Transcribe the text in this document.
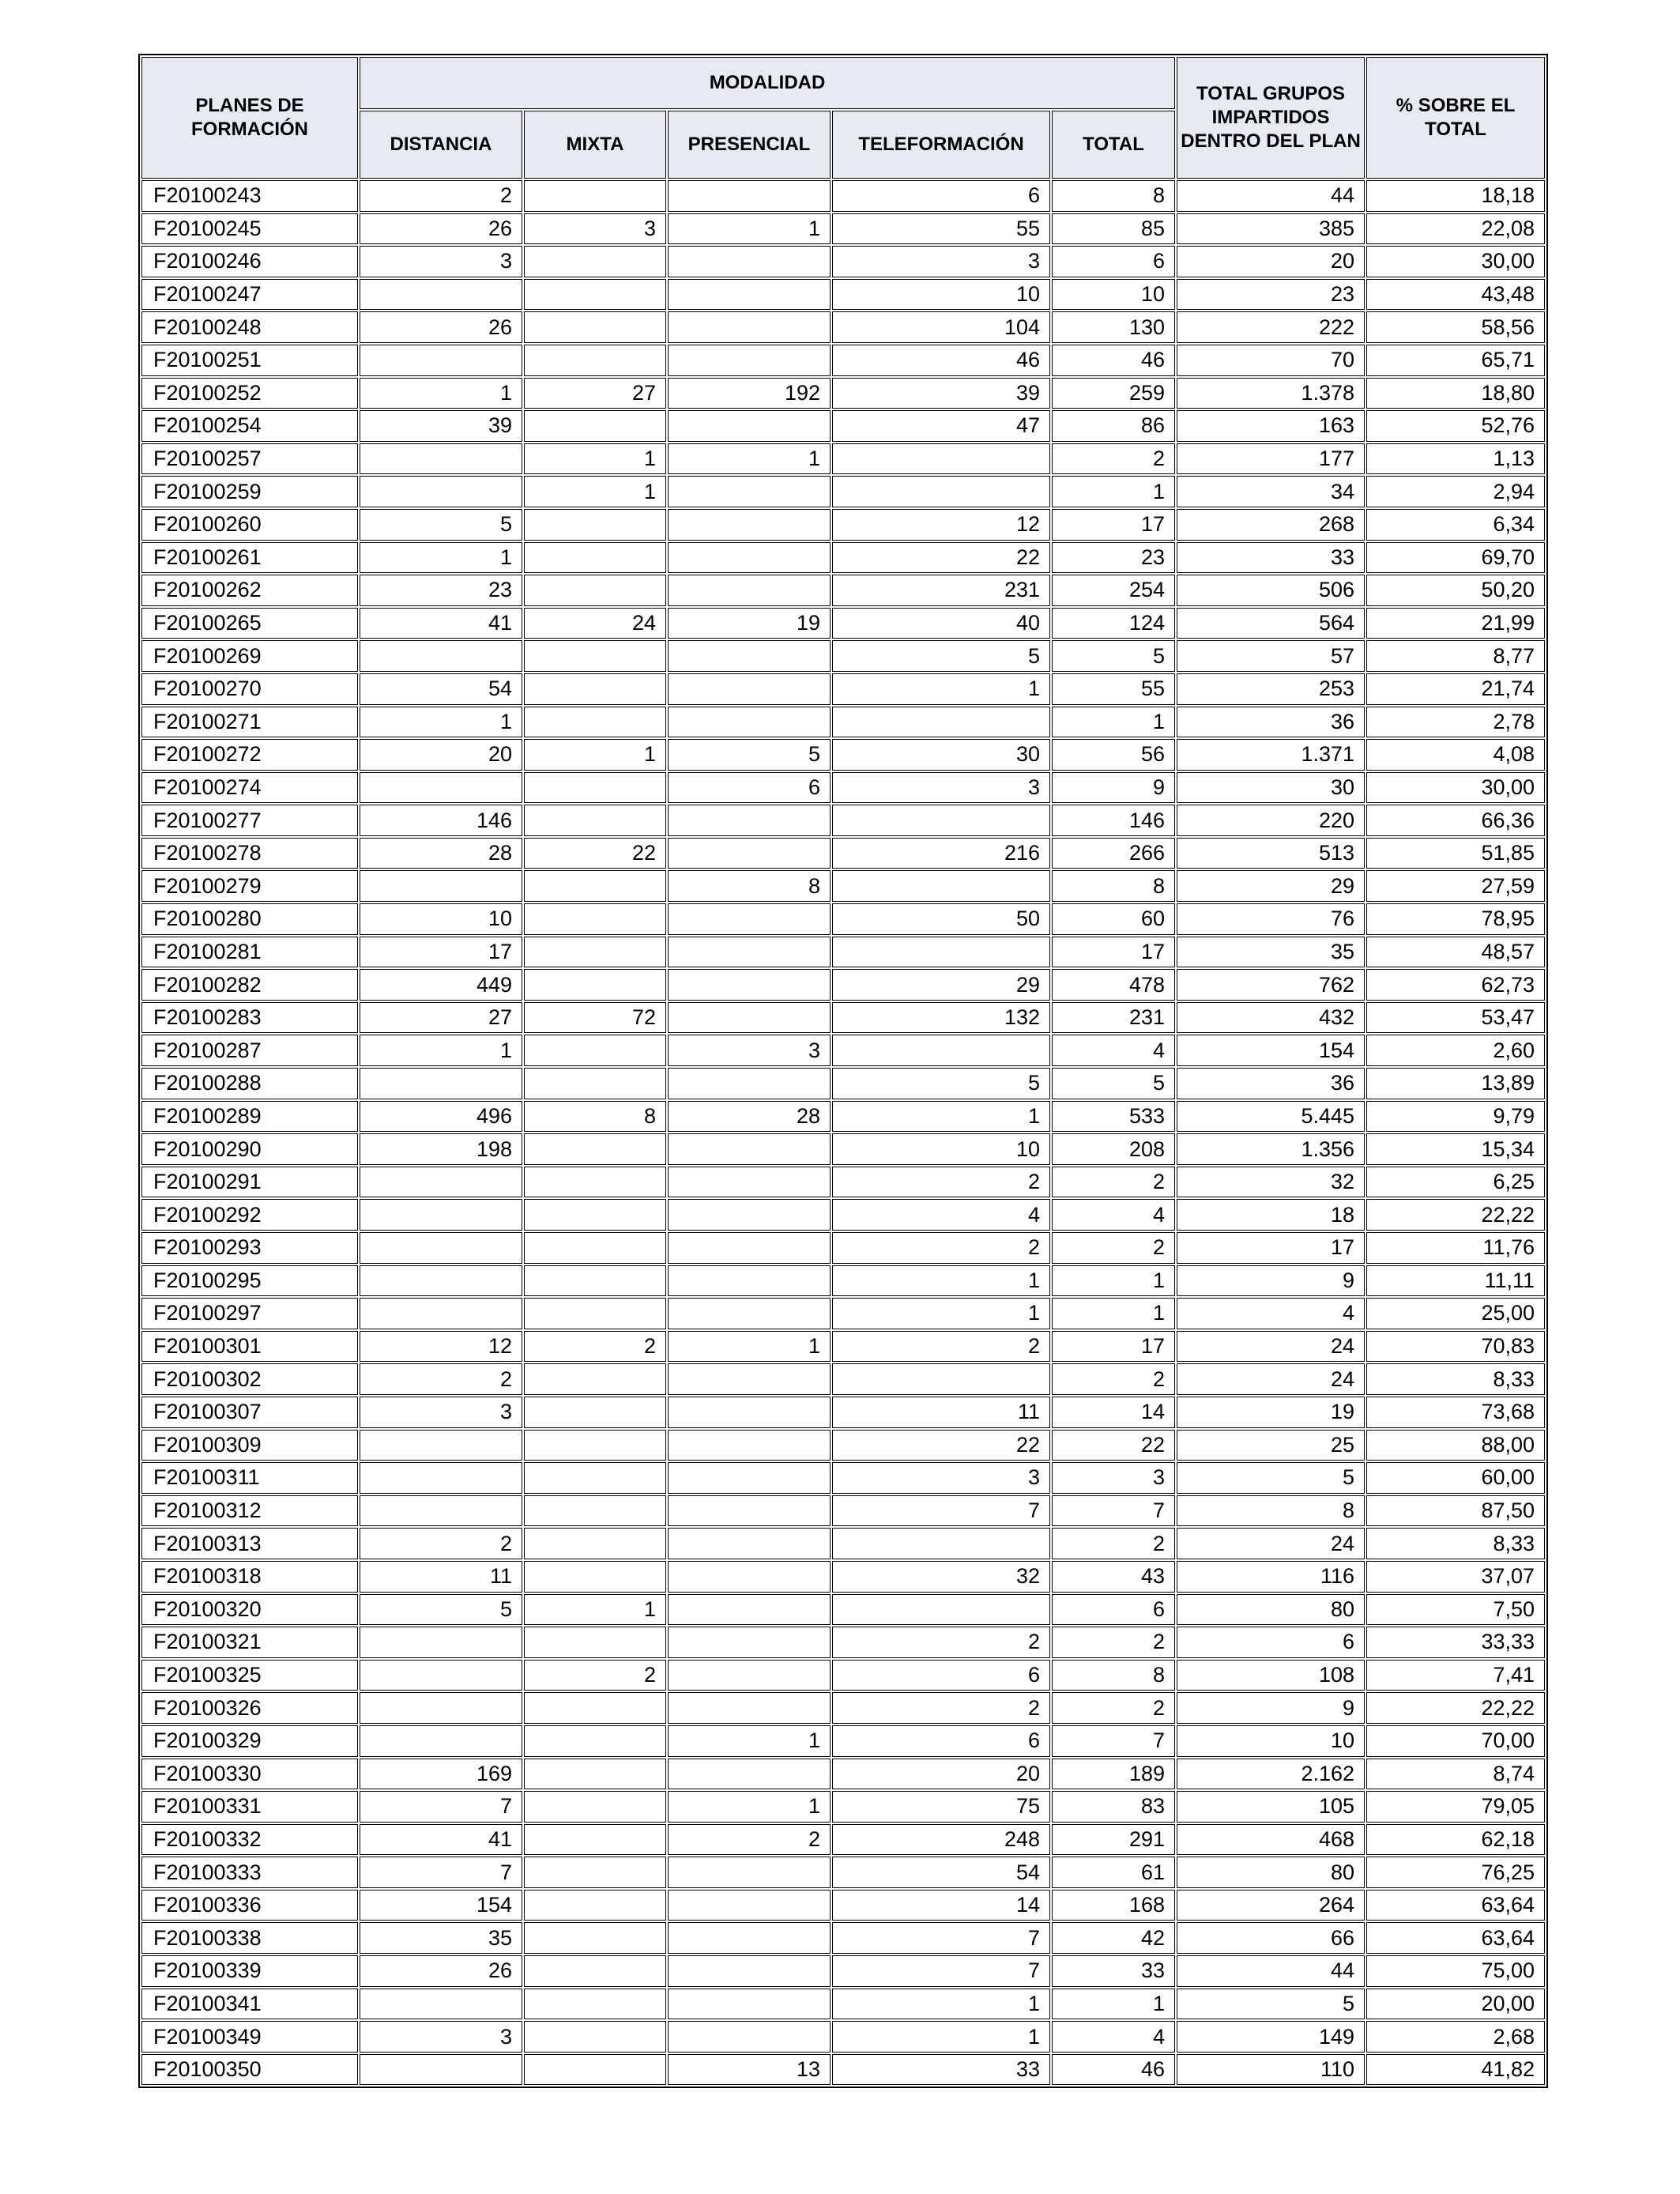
PLANES DE FORMACIÓN	MODALIDAD					TOTAL GRUPOS IMPARTIDOS DENTRO DEL PLAN	% SOBRE EL TOTAL
	DISTANCIA	MIXTA	PRESENCIAL	TELEFORMACIÓN	TOTAL		
F20100243	2			6	8	44	18,18
F20100245	26	3	1	55	85	385	22,08
F20100246	3			3	6	20	30,00
F20100247				10	10	23	43,48
F20100248	26			104	130	222	58,56
F20100251				46	46	70	65,71
F20100252	1	27	192	39	259	1.378	18,80
F20100254	39			47	86	163	52,76
F20100257		1	1		2	177	1,13
F20100259		1			1	34	2,94
F20100260	5			12	17	268	6,34
F20100261	1			22	23	33	69,70
F20100262	23			231	254	506	50,20
F20100265	41	24	19	40	124	564	21,99
F20100269				5	5	57	8,77
F20100270	54			1	55	253	21,74
F20100271	1				1	36	2,78
F20100272	20	1	5	30	56	1.371	4,08
F20100274			6	3	9	30	30,00
F20100277	146				146	220	66,36
F20100278	28	22		216	266	513	51,85
F20100279			8		8	29	27,59
F20100280	10			50	60	76	78,95
F20100281	17				17	35	48,57
F20100282	449			29	478	762	62,73
F20100283	27	72		132	231	432	53,47
F20100287	1		3		4	154	2,60
F20100288				5	5	36	13,89
F20100289	496	8	28	1	533	5.445	9,79
F20100290	198			10	208	1.356	15,34
F20100291				2	2	32	6,25
F20100292				4	4	18	22,22
F20100293				2	2	17	11,76
F20100295				1	1	9	11,11
F20100297				1	1	4	25,00
F20100301	12	2	1	2	17	24	70,83
F20100302	2				2	24	8,33
F20100307	3			11	14	19	73,68
F20100309				22	22	25	88,00
F20100311				3	3	5	60,00
F20100312				7	7	8	87,50
F20100313	2				2	24	8,33
F20100318	11			32	43	116	37,07
F20100320	5	1			6	80	7,50
F20100321				2	2	6	33,33
F20100325		2		6	8	108	7,41
F20100326				2	2	9	22,22
F20100329			1	6	7	10	70,00
F20100330	169			20	189	2.162	8,74
F20100331	7		1	75	83	105	79,05
F20100332	41		2	248	291	468	62,18
F20100333	7			54	61	80	76,25
F20100336	154			14	168	264	63,64
F20100338	35			7	42	66	63,64
F20100339	26			7	33	44	75,00
F20100341				1	1	5	20,00
F20100349	3			1	4	149	2,68
F20100350			13	33	46	110	41,82
